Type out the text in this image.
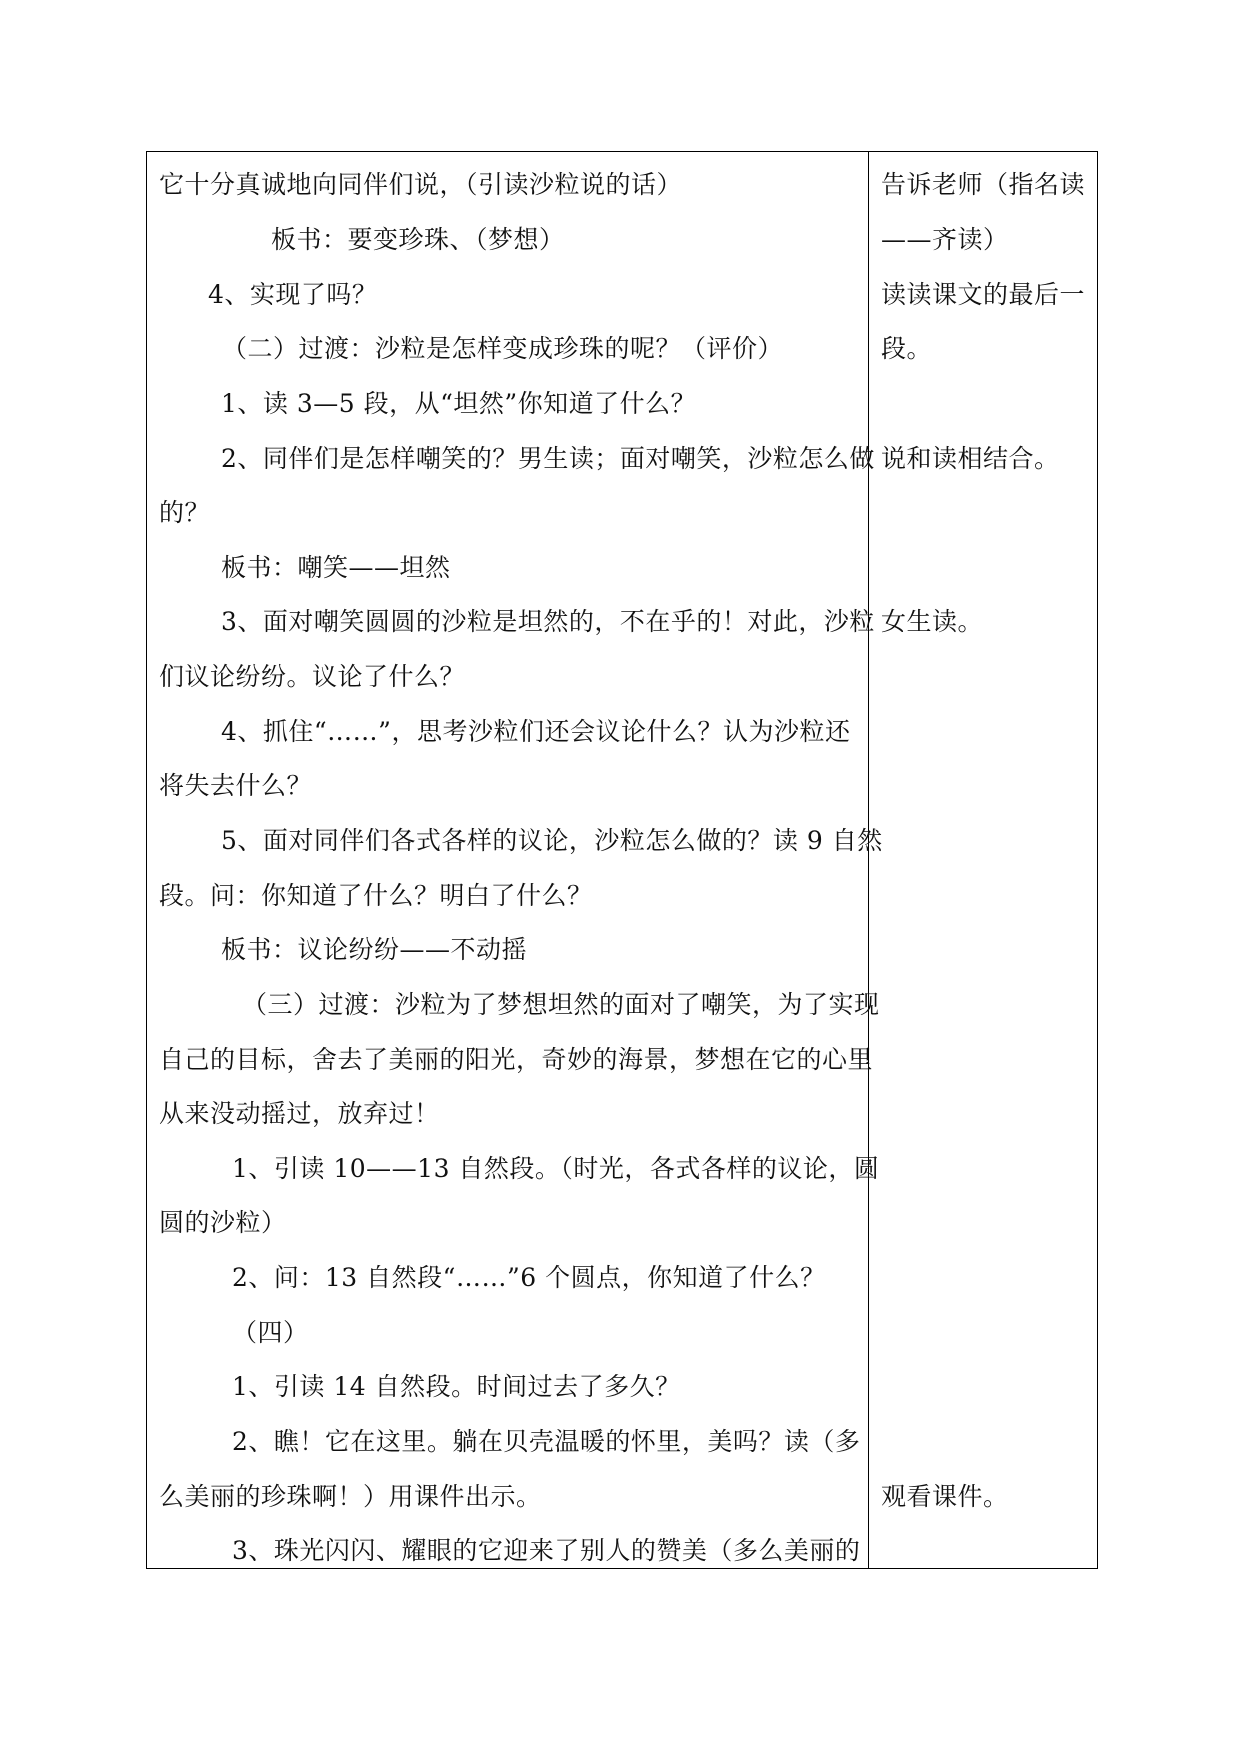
它十分真诚地向同伴们说，（引读沙粒说的话）
板书：要变珍珠、（梦想）
4、实现了吗？
（二）过渡：沙粒是怎样变成珍珠的呢？（评价）
1、读 3—5 段，从“坦然”你知道了什么？
2、同伴们是怎样嘲笑的？男生读；面对嘲笑，沙粒怎么做
的？
板书：嘲笑——坦然
3、面对嘲笑圆圆的沙粒是坦然的，不在乎的！对此，沙粒
们议论纷纷。议论了什么？
4、抓住“……”，思考沙粒们还会议论什么？认为沙粒还
将失去什么？
5、面对同伴们各式各样的议论，沙粒怎么做的？读 9 自然
段。问：你知道了什么？明白了什么？
板书：议论纷纷——不动摇
（三）过渡：沙粒为了梦想坦然的面对了嘲笑，为了实现
自己的目标，舍去了美丽的阳光，奇妙的海景，梦想在它的心里
从来没动摇过，放弃过！
1、引读 10——13 自然段。（时光，各式各样的议论，圆
圆的沙粒）
2、问：13 自然段“……”6 个圆点，你知道了什么？
（四）
1、引读 14 自然段。时间过去了多久？
2、瞧！它在这里。躺在贝壳温暖的怀里，美吗？读（多
么美丽的珍珠啊！）用课件出示。
3、珠光闪闪、耀眼的它迎来了别人的赞美（多么美丽的
告诉老师（指名读
——齐读）
读读课文的最后一
段。
说和读相结合。
女生读。
观看课件。
